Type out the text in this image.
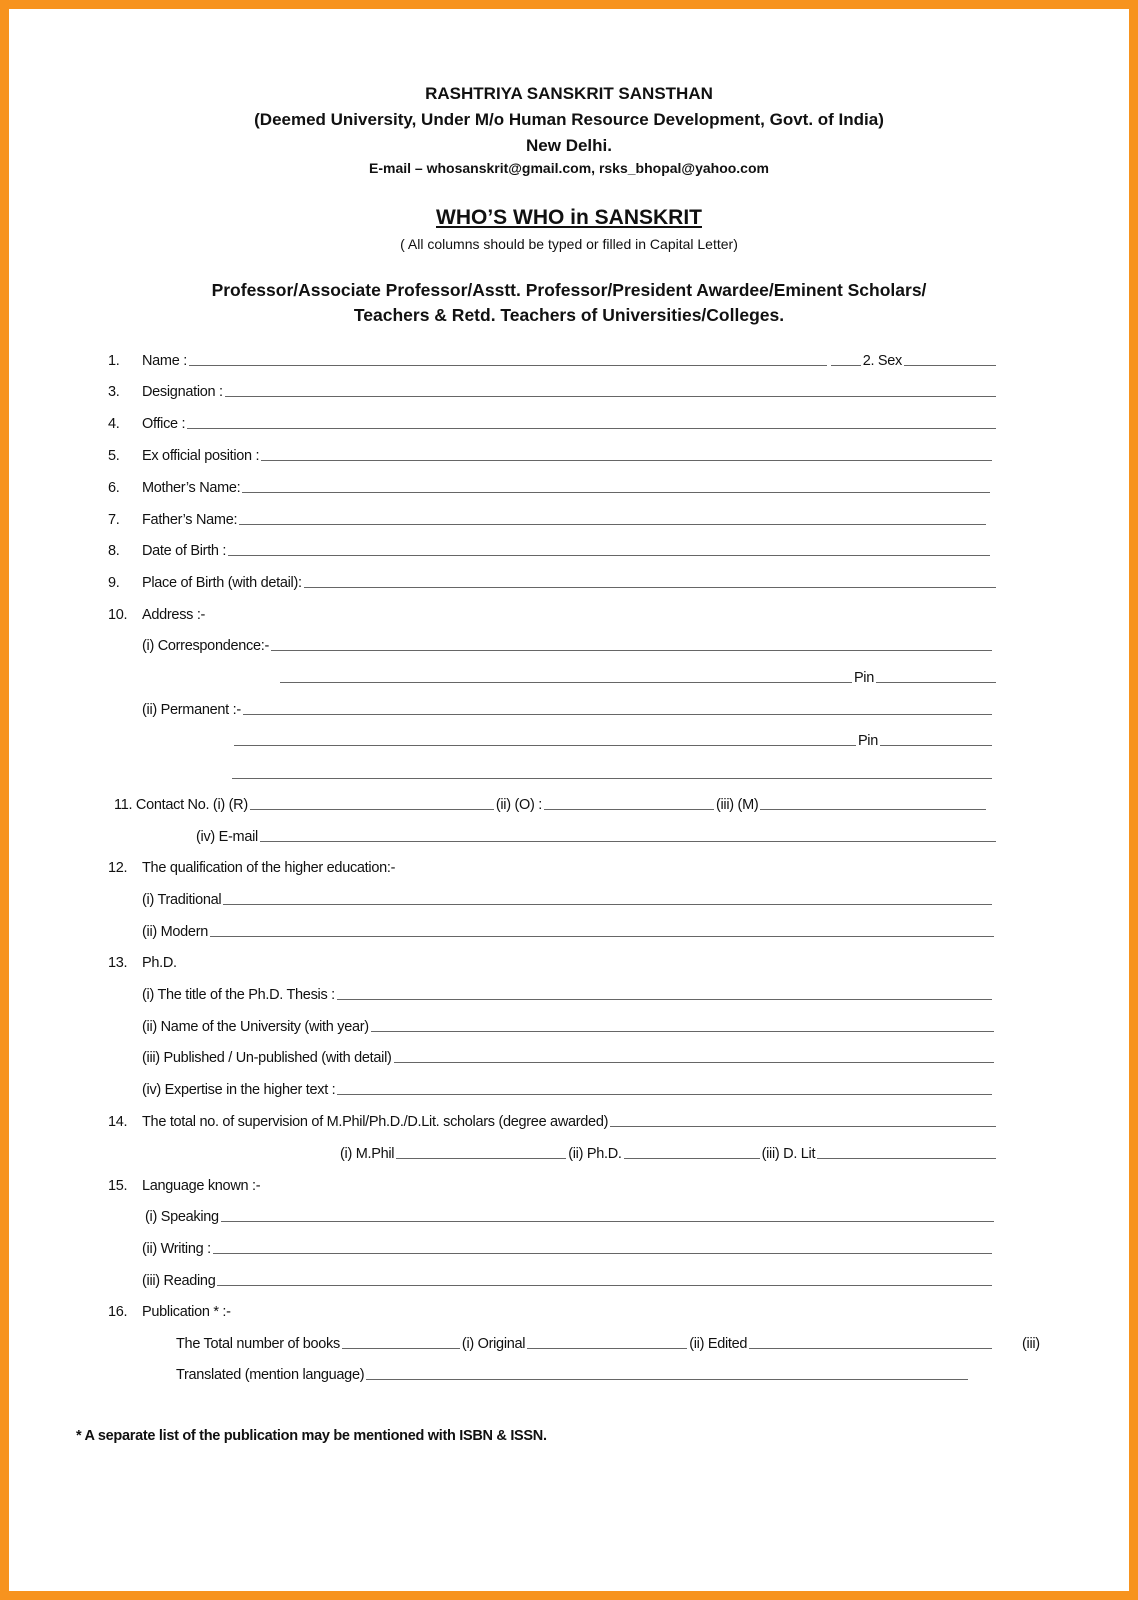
RASHTRIYA SANSKRIT SANSTHAN
(Deemed University, Under M/o Human Resource Development, Govt. of India)
New Delhi.
E-mail – whosanskrit@gmail.com, rsks_bhopal@yahoo.com
WHO’S WHO in SANSKRIT
( All columns should be typed or filled in Capital Letter)
Professor/Associate Professor/Asstt. Professor/President Awardee/Eminent Scholars/
Teachers & Retd. Teachers of Universities/Colleges.
1.	Name :	2. Sex
3.	Designation :
4.	Office :
5.	Ex official position :
6.	Mother’s Name:
7.	Father’s Name:
8.	Date of Birth :
9.	Place of Birth (with detail):
10.	Address :-
(i) Correspondence:-
Pin
(ii) Permanent :-
Pin
11.
Contact No. (i) (R)	(ii) (O) :	(iii) (M)
(iv) E-mail
12.	The qualification of the higher education:-
(i) Traditional
(ii) Modern
13.	Ph.D.
(i) The title of the Ph.D. Thesis :
(ii) Name of the University (with year)
(iii) Published / Un-published (with detail)
(iv) Expertise in the higher text :
14.	The total no. of supervision of M.Phil/Ph.D./D.Lit. scholars (degree awarded)
(i) M.Phil	(ii) Ph.D.	(iii) D. Lit
15.	Language known :-
(i) Speaking
(ii) Writing :
(iii) Reading
16.	Publication * :-
The Total number of books	(i) Original	(ii) Edited	(iii)
Translated (mention language)
* A separate list of the publication may be mentioned with ISBN & ISSN.
